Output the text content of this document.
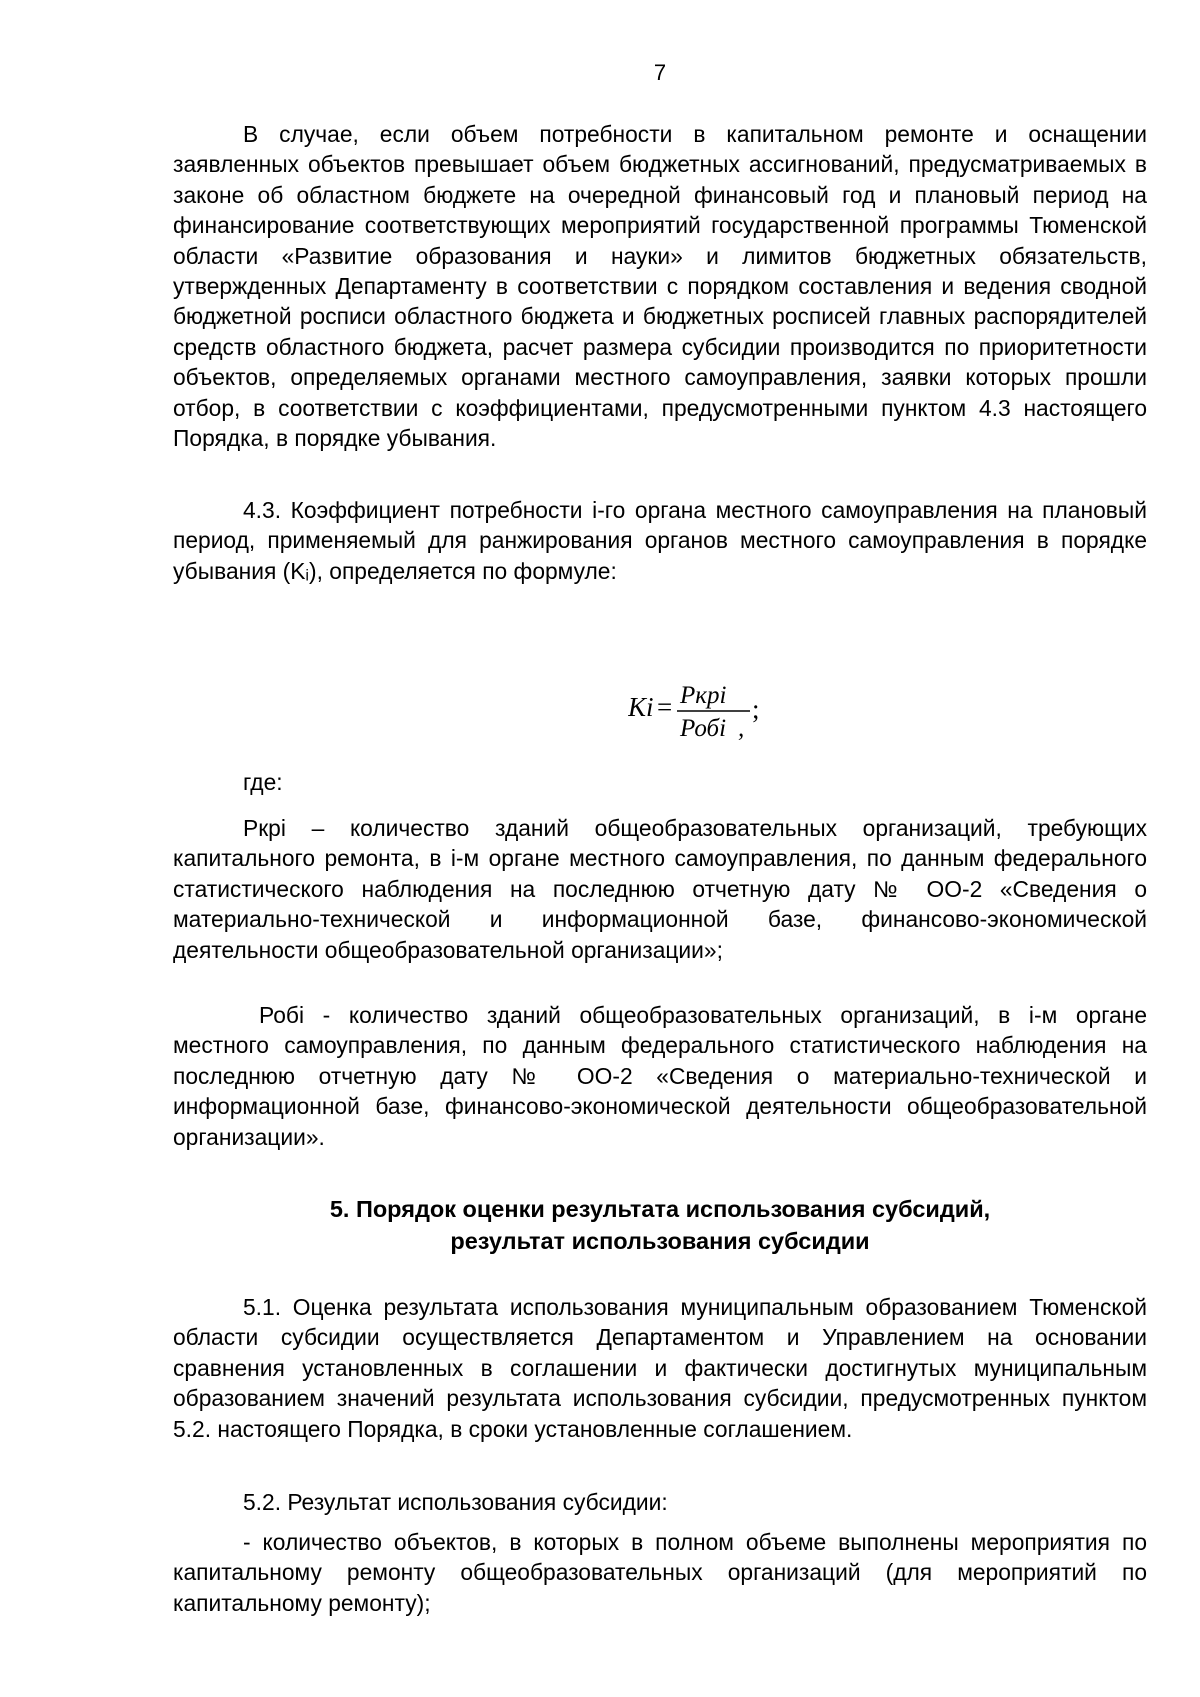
7

В случае, если объем потребности в капитальном ремонте и оснащении заявленных объектов превышает объем бюджетных ассигнований, предусматриваемых в законе об областном бюджете на очередной финансовый год и плановый период на финансирование соответствующих мероприятий государственной программы Тюменской области «Развитие образования и науки» и лимитов бюджетных обязательств, утвержденных Департаменту в соответствии с порядком составления и ведения сводной бюджетной росписи областного бюджета и бюджетных росписей главных распорядителей средств областного бюджета, расчет размера субсидии производится по приоритетности объектов, определяемых органами местного самоуправления, заявки которых прошли отбор, в соответствии с коэффициентами, предусмотренными пунктом 4.3 настоящего Порядка, в порядке убывания.

4.3. Коэффициент потребности i-го органа местного самоуправления на плановый период, применяемый для ранжирования органов местного самоуправления в порядке убывания (Kᵢ), определяется по формуле:

Ki = Ркрi
Робi ,
;
где:

Ркрi – количество зданий общеобразовательных организаций, требующих капитального ремонта, в i-м органе местного самоуправления, по данным федерального статистического наблюдения на последнюю отчетную дату № ОО-2 «Сведения о материально-технической и информационной базе, финансово-экономической деятельности общеобразовательной организации»;

Робi - количество зданий общеобразовательных организаций, в i-м органе местного самоуправления, по данным федерального статистического наблюдения на последнюю отчетную дату № ОО-2 «Сведения о материально-технической и информационной базе, финансово-экономической деятельности общеобразовательной организации».

5. Порядок оценки результата использования субсидий,
результат использования субсидии

5.1. Оценка результата использования муниципальным образованием Тюменской области субсидии осуществляется Департаментом и Управлением на основании сравнения установленных в соглашении и фактически достигнутых муниципальным образованием значений результата использования субсидии, предусмотренных пунктом 5.2. настоящего Порядка, в сроки установленные соглашением.

5.2. Результат использования субсидии:

- количество объектов, в которых в полном объеме выполнены мероприятия по капитальному ремонту общеобразовательных организаций (для мероприятий по капитальному ремонту);
